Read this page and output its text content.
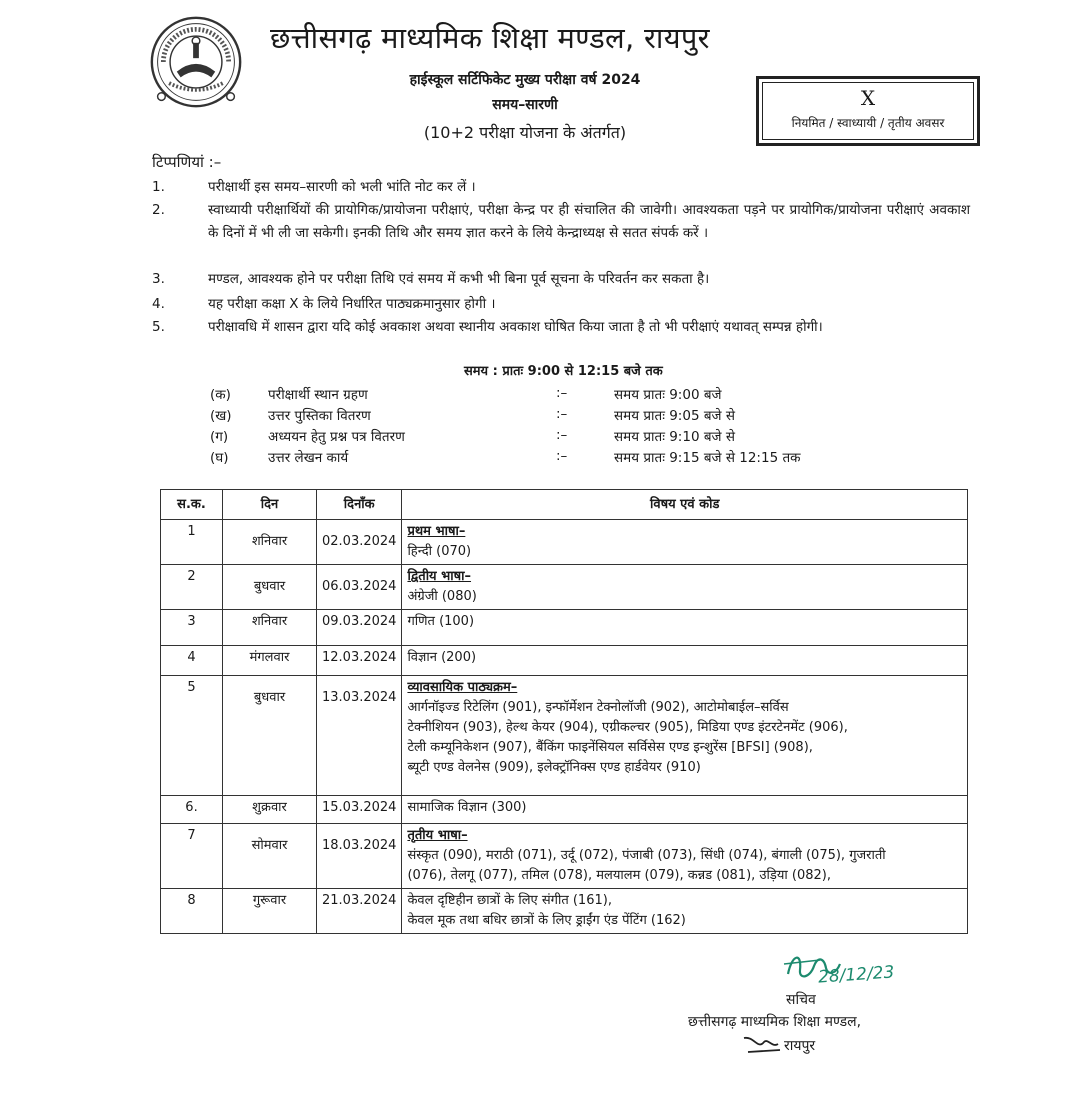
छत्तीसगढ़ माध्यमिक शिक्षा मण्डल, रायपुर
हाईस्कूल सर्टिफिकेट मुख्य परीक्षा वर्ष 2024
समय–सारणी
(10+2 परीक्षा योजना के अंतर्गत)
X
नियमित / स्वाध्यायी / तृतीय अवसर
टिप्पणियां :–
1.	परीक्षार्थी इस समय–सारणी को भली भांति नोट कर लें ।
2.	स्वाध्यायी परीक्षार्थियों की प्रायोगिक/प्रायोजना परीक्षाएं, परीक्षा केन्द्र पर ही संचालित की जावेगी। आवश्यकता पड़ने पर प्रायोगिक/प्रायोजना परीक्षाएं अवकाश के दिनों में भी ली जा सकेगी। इनकी तिथि और समय ज्ञात करने के लिये केन्द्राध्यक्ष से सतत संपर्क करें ।
3.	मण्डल, आवश्यक होने पर परीक्षा तिथि एवं समय में कभी भी बिना पूर्व सूचना के परिवर्तन कर सकता है।
4.	यह परीक्षा कक्षा X के लिये निर्धारित पाठ्यक्रमानुसार होगी ।
5.	परीक्षावधि में शासन द्वारा यदि कोई अवकाश अथवा स्थानीय अवकाश घोषित किया जाता है तो भी परीक्षाएं यथावत् सम्पन्न होगी।
समय : प्रातः 9:00 से 12:15 बजे तक
(क)	परीक्षार्थी स्थान ग्रहण	:–	समय प्रातः 9:00 बजे
(ख)	उत्तर पुस्तिका वितरण	:–	समय प्रातः 9:05 बजे से
(ग)	अध्ययन हेतु प्रश्न पत्र वितरण	:–	समय प्रातः 9:10 बजे से
(घ)	उत्तर लेखन कार्य	:–	समय प्रातः 9:15 बजे से 12:15 तक
स.क.	दिन	दिनाँक	विषय एवं कोड
1	शनिवार	02.03.2024	प्रथम भाषा–
हिन्दी (070)

2	बुधवार	06.03.2024	द्वितीय भाषा–
अंग्रेजी (080)

3	शनिवार	09.03.2024	गणित (100)

4	मंगलवार	12.03.2024	विज्ञान (200)

5	बुधवार	13.03.2024	व्यावसायिक पाठ्यक्रम–
आर्गनॉइज्ड रिटेलिंग (901), इन्फॉर्मेशन टेक्नोलॉजी (902), आटोमोबाईल–सर्विस
टेक्नीशियन (903), हेल्थ केयर (904), एग्रीकल्चर (905), मिडिया एण्ड इंटरटेनमेंट (906),
टेली कम्यूनिकेशन (907), बैंकिंग फाइनेंसियल सर्विसेस एण्ड इन्शुरेंस [BFSI] (908),
ब्यूटी एण्ड वेलनेस (909), इलेक्ट्रॉनिक्स एण्ड हार्डवेयर (910)

6.	शुक्रवार	15.03.2024	सामाजिक विज्ञान (300)

7	सोमवार	18.03.2024	तृतीय भाषा–
संस्कृत (090), मराठी (071), उर्दू (072), पंजाबी (073), सिंधी (074), बंगाली (075), गुजराती
(076), तेलगू (077), तमिल (078), मलयालम (079), कन्नड (081), उड़िया (082),

8	गुरूवार	21.03.2024	केवल दृष्टिहीन छात्रों के लिए संगीत (161),
केवल मूक तथा बधिर छात्रों के लिए ड्राईंग एंड पेंटिंग (162)
28/12/23
सचिव
छत्तीसगढ़ माध्यमिक शिक्षा मण्डल,
रायपुर
